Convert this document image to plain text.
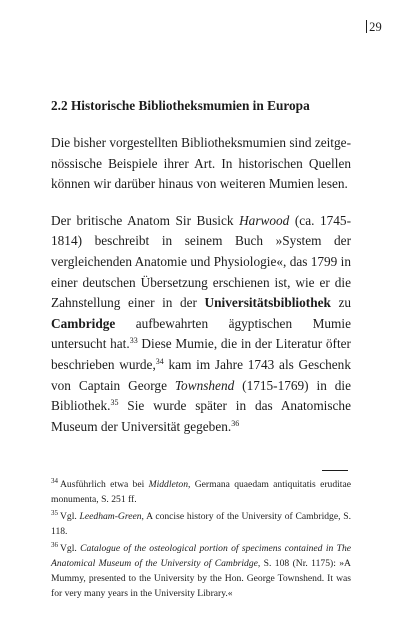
29
2.2 Historische Bibliotheksmumien in Europa

Die bisher vorgestellten Bibliotheksmumien sind zeitgenössische Beispiele ihrer Art. In historischen Quellen können wir darüber hinaus von weiteren Mumien lesen.

Der britische Anatom Sir Busick Harwood (ca. 1745-1814) beschreibt in seinem Buch »System der vergleichenden Anatomie und Physiologie«, das 1799 in einer deutschen Übersetzung erschienen ist, wie er die Zahnstellung einer in der Universitätsbibliothek zu Cambridge aufbewahrten ägyptischen Mumie untersucht hat.$^{33}$ Diese Mumie, die in der Literatur öfter beschrieben wurde,$^{34}$ kam im Jahre 1743 als Geschenk von Captain George Townshend (1715-1769) in die Bibliothek.$^{35}$ Sie wurde später in das Anatomische Museum der Universität gegeben.$^{36}$

$^{34}$ Ausführlich etwa bei Middleton, Germana quaedam antiquitatis eruditae monumenta, S. 251 ff.

$^{35}$ Vgl. Leedham-Green, A concise history of the University of Cambridge, S. 118.

$^{36}$ Vgl. Catalogue of the osteological portion of specimens contained in The Anatomical Museum of the University of Cambridge, S. 108 (Nr. 1175): »A Mummy, presented to the University by the Hon. George Townshend. It was for very many years in the University Library.«
